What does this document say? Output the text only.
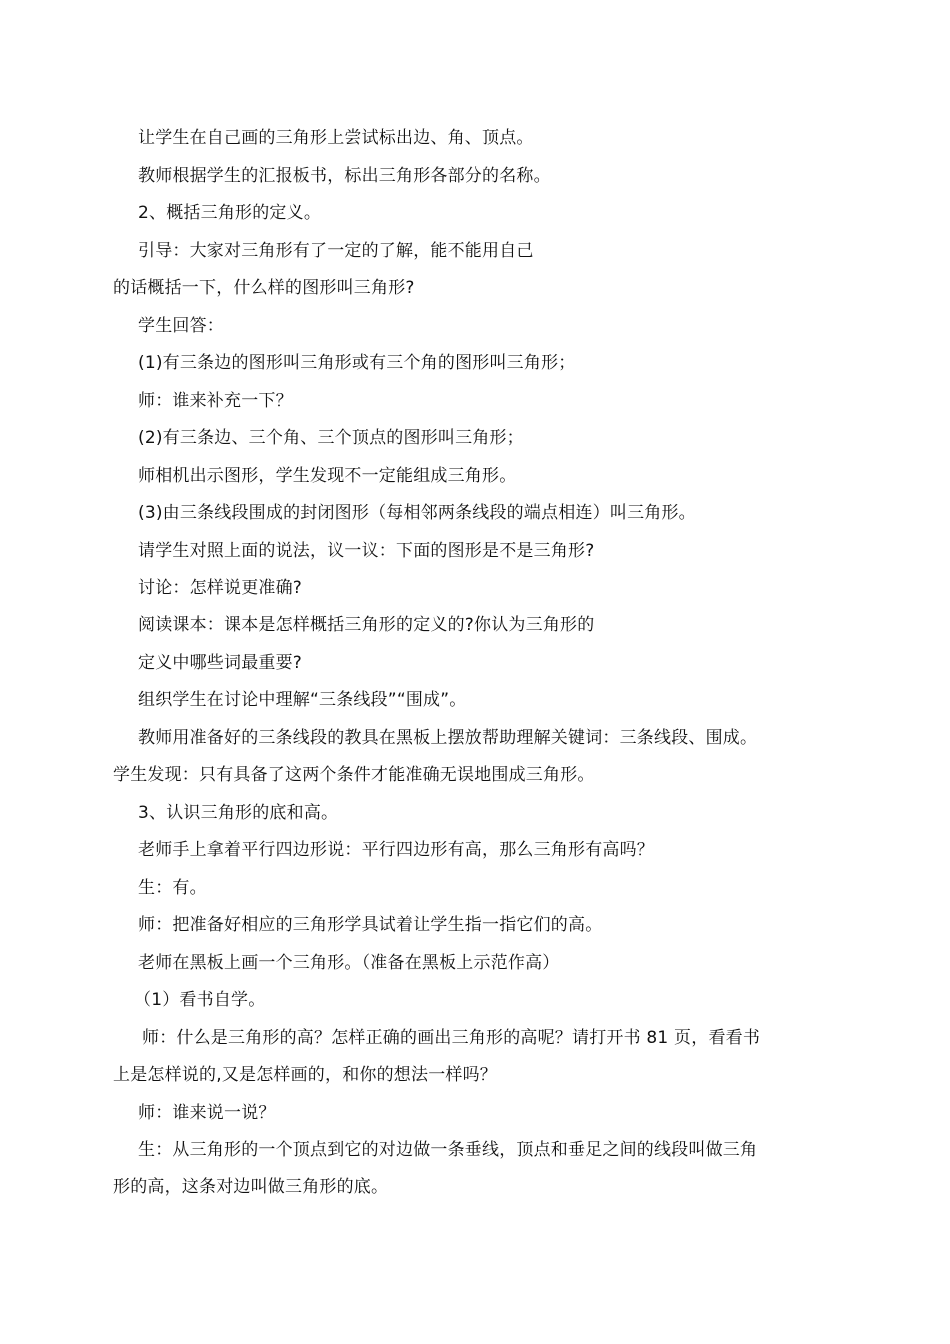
让学生在自己画的三角形上尝试标出边、角、顶点。
教师根据学生的汇报板书，标出三角形各部分的名称。
2、概括三角形的定义。
引导：大家对三角形有了一定的了解，能不能用自己
的话概括一下，什么样的图形叫三角形?
学生回答：
(1)有三条边的图形叫三角形或有三个角的图形叫三角形；
师：谁来补充一下？
(2)有三条边、三个角、三个顶点的图形叫三角形；
师相机出示图形，学生发现不一定能组成三角形。
(3)由三条线段围成的封闭图形（每相邻两条线段的端点相连）叫三角形。
请学生对照上面的说法，议一议：下面的图形是不是三角形?
讨论：怎样说更准确?
阅读课本：课本是怎样概括三角形的定义的?你认为三角形的
定义中哪些词最重要?
组织学生在讨论中理解“三条线段”“围成”。
教师用准备好的三条线段的教具在黑板上摆放帮助理解关键词：三条线段、围成。
学生发现：只有具备了这两个条件才能准确无误地围成三角形。
3、认识三角形的底和高。
老师手上拿着平行四边形说：平行四边形有高，那么三角形有高吗？
生：有。
师：把准备好相应的三角形学具试着让学生指一指它们的高。
老师在黑板上画一个三角形。（准备在黑板上示范作高）
（1）看书自学。
师：什么是三角形的高？怎样正确的画出三角形的高呢？请打开书 81 页，看看书
上是怎样说的,又是怎样画的，和你的想法一样吗？
师：谁来说一说？
生：从三角形的一个顶点到它的对边做一条垂线，顶点和垂足之间的线段叫做三角
形的高，这条对边叫做三角形的底。
